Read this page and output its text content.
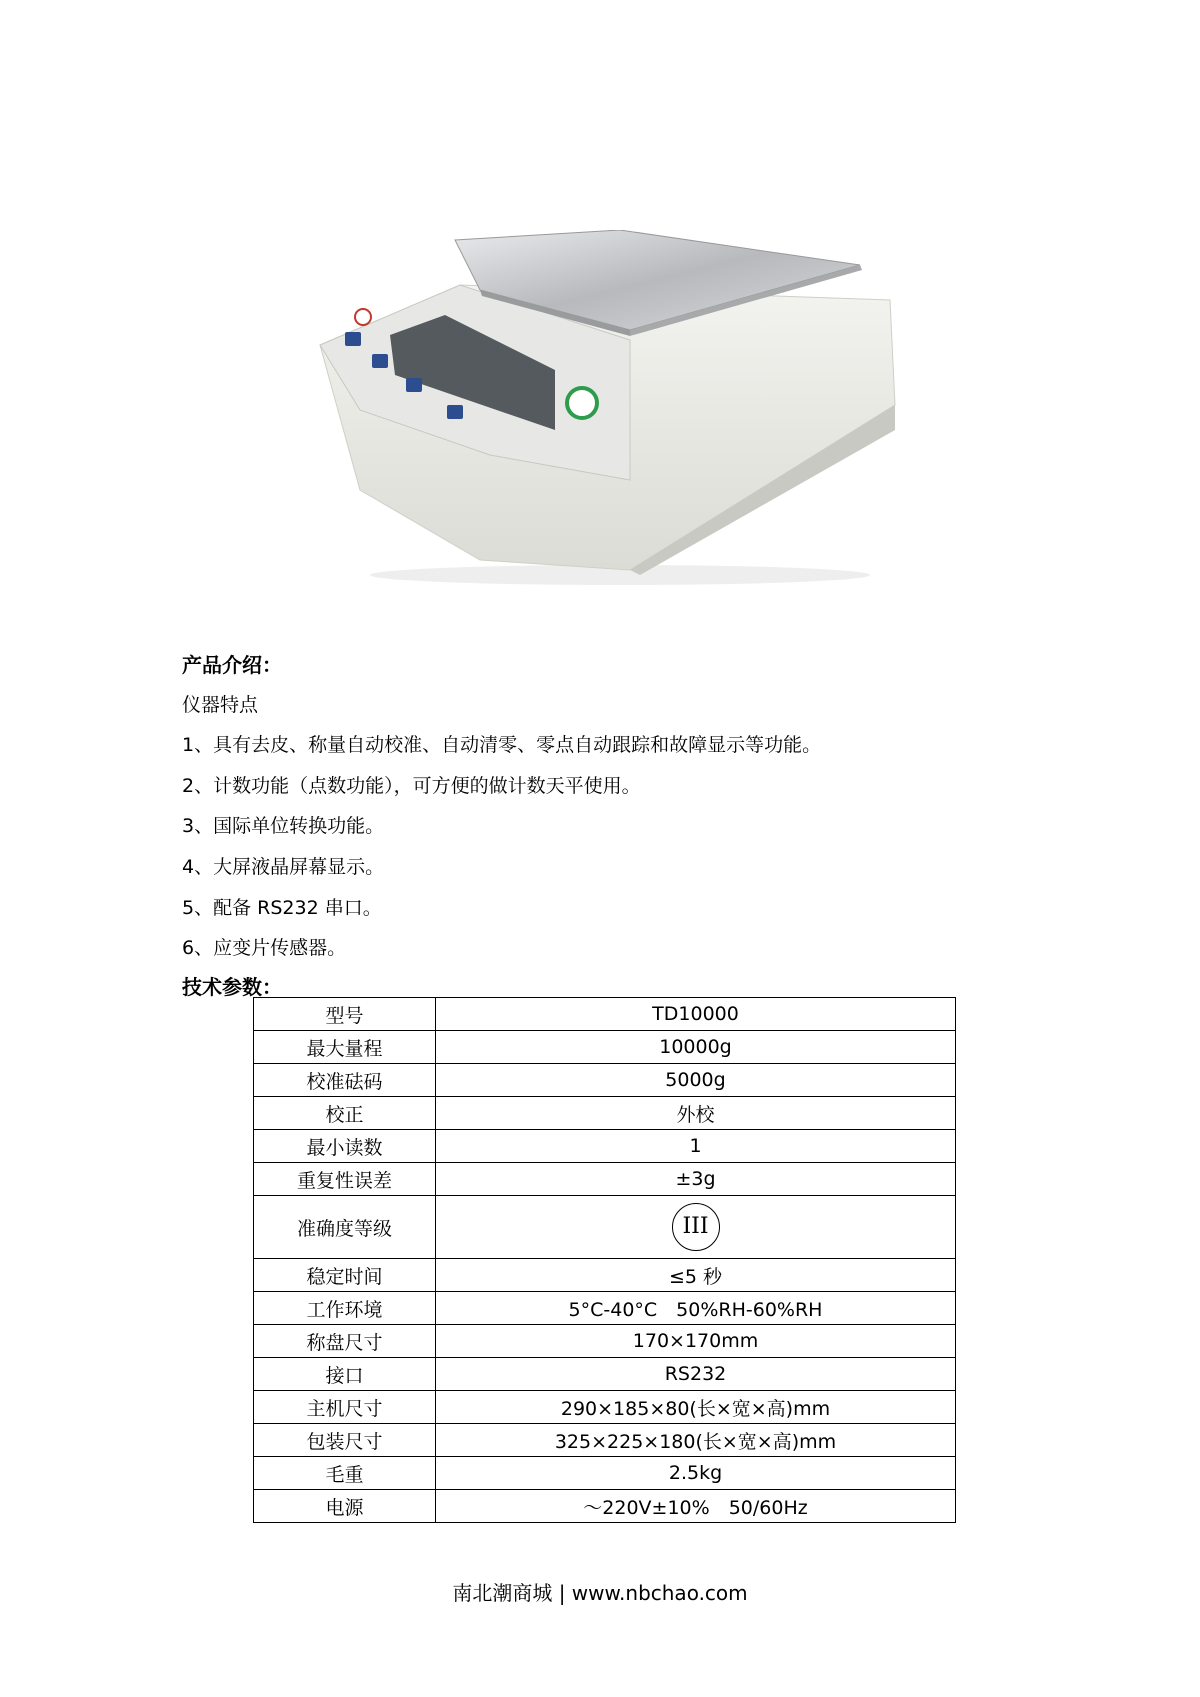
产品介绍：
仪器特点
1、具有去皮、称量自动校准、自动清零、零点自动跟踪和故障显示等功能。
2、计数功能（点数功能），可方便的做计数天平使用。
3、国际单位转换功能。
4、大屏液晶屏幕显示。
5、配备 RS232 串口。
6、应变片传感器。
技术参数：
型号	TD10000
最大量程	10000g
校准砝码	5000g
校正	外校
最小读数	1
重复性误差	±3g
准确度等级	III
稳定时间	≤5 秒
工作环境	5°C-40°C　50%RH-60%RH
称盘尺寸	170×170mm
接口	RS232
主机尺寸	290×185×80(长×宽×高)mm
包装尺寸	325×225×180(长×宽×高)mm
毛重	2.5kg
电源	～220V±10%　50/60Hz
南北潮商城 | www.nbchao.com
